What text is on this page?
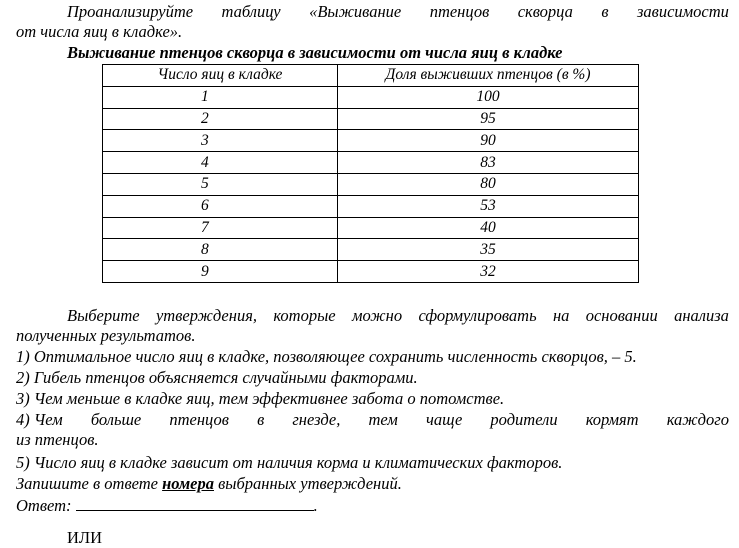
Проанализируйте таблицу «Выживание птенцов скворца в зависимости
от числа яиц в кладке».
Выживание птенцов скворца в зависимости от числа яиц в кладке
Число яиц в кладке	Доля выживших птенцов (в %)
1	100
2	95
3	90
4	83
5	80
6	53
7	40
8	35
9	32
Выберите утверждения, которые можно сформулировать на основании анализа
полученных результатов.
1) Оптимальное число яиц в кладке, позволяющее сохранить численность скворцов, – 5.
2) Гибель птенцов объясняется случайными факторами.
3) Чем меньше в кладке яиц, тем эффективнее забота о потомстве.
4) Чем больше птенцов в гнезде, тем чаще родители кормят каждого
из птенцов.
5) Число яиц в кладке зависит от наличия корма и климатических факторов.
Запишите в ответе номера выбранных утверждений.
Ответ:	.
ИЛИ
